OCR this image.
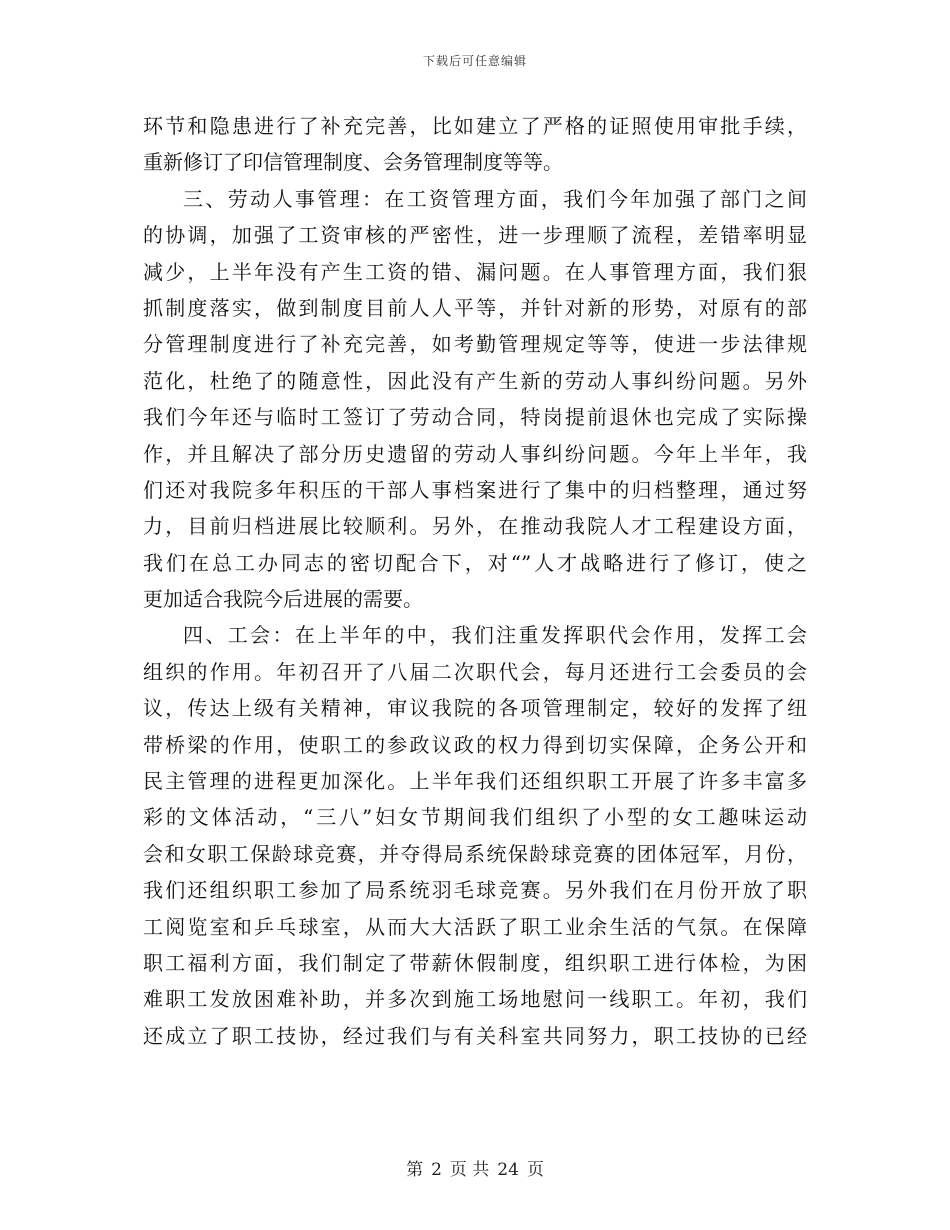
下载后可任意编辑
环节和隐患进行了补充完善，比如建立了严格的证照使用审批手续，
重新修订了印信管理制度、会务管理制度等等。
三、劳动人事管理：在工资管理方面，我们今年加强了部门之间
的协调，加强了工资审核的严密性，进一步理顺了流程，差错率明显
减少，上半年没有产生工资的错、漏问题。在人事管理方面，我们狠
抓制度落实，做到制度目前人人平等，并针对新的形势，对原有的部
分管理制度进行了补充完善，如考勤管理规定等等，使进一步法律规
范化，杜绝了的随意性，因此没有产生新的劳动人事纠纷问题。另外
我们今年还与临时工签订了劳动合同，特岗提前退休也完成了实际操
作，并且解决了部分历史遗留的劳动人事纠纷问题。今年上半年，我
们还对我院多年积压的干部人事档案进行了集中的归档整理，通过努
力，目前归档进展比较顺利。另外，在推动我院人才工程建设方面，
我们在总工办同志的密切配合下，对“”人才战略进行了修订，使之
更加适合我院今后进展的需要。
四、工会：在上半年的中，我们注重发挥职代会作用，发挥工会
组织的作用。年初召开了八届二次职代会，每月还进行工会委员的会
议，传达上级有关精神，审议我院的各项管理制定，较好的发挥了纽
带桥梁的作用，使职工的参政议政的权力得到切实保障，企务公开和
民主管理的进程更加深化。上半年我们还组织职工开展了许多丰富多
彩的文体活动，“三八”妇女节期间我们组织了小型的女工趣味运动
会和女职工保龄球竞赛，并夺得局系统保龄球竞赛的团体冠军，月份，
我们还组织职工参加了局系统羽毛球竞赛。另外我们在月份开放了职
工阅览室和乒乓球室，从而大大活跃了职工业余生活的气氛。在保障
职工福利方面，我们制定了带薪休假制度，组织职工进行体检，为困
难职工发放困难补助，并多次到施工场地慰问一线职工。年初，我们
还成立了职工技协，经过我们与有关科室共同努力，职工技协的已经
第 2 页 共 24 页
